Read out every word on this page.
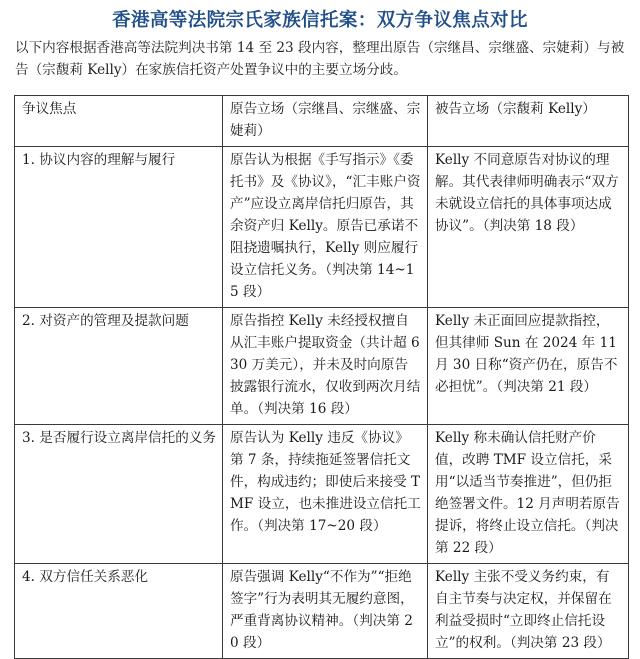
香港高等法院宗氏家族信托案：双方争议焦点对比
以下内容根据香港高等法院判决书第 14 至 23 段内容，整理出原告（宗继昌、宗继盛、宗婕莉）与被告（宗馥莉 Kelly）在家族信托资产处置争议中的主要立场分歧。
争议焦点	原告立场（宗继昌、宗继盛、宗婕莉）	被告立场（宗馥莉 Kelly）
1. 协议内容的理解与履行	原告认为根据《手写指示》《委托书》及《协议》，“汇丰账户资产”应设立离岸信托归原告，其余资产归 Kelly。原告已承诺不阻挠遗嘱执行，Kelly 则应履行设立信托义务。（判决第 14~15 段）	Kelly 不同意原告对协议的理解。其代表律师明确表示“双方未就设立信托的具体事项达成协议”。（判决第 18 段）
2. 对资产的管理及提款问题	原告指控 Kelly 未经授权擅自从汇丰账户提取资金（共计超 630 万美元），并未及时向原告披露银行流水，仅收到两次月结单。（判决第 16 段）	Kelly 未正面回应提款指控，但其律师 Sun 在 2024 年 11 月 30 日称“资产仍在，原告不必担忧”。（判决第 21 段）
3. 是否履行设立离岸信托的义务	原告认为 Kelly 违反《协议》第 7 条，持续拖延签署信托文件，构成违约；即使后来接受 TMF 设立，也未推进设立信托工作。（判决第 17~20 段）	Kelly 称未确认信托财产价值，改聘 TMF 设立信托，采用“以适当节奏推进”，但仍拒绝签署文件。12 月声明若原告提诉，将终止设立信托。（判决第 22 段）
4. 双方信任关系恶化	原告强调 Kelly“不作为”“拒绝签字”行为表明其无履约意图，严重背离协议精神。（判决第 20 段）	Kelly 主张不受义务约束，有自主节奏与决定权，并保留在利益受损时“立即终止信托设立”的权利。（判决第 23 段）
